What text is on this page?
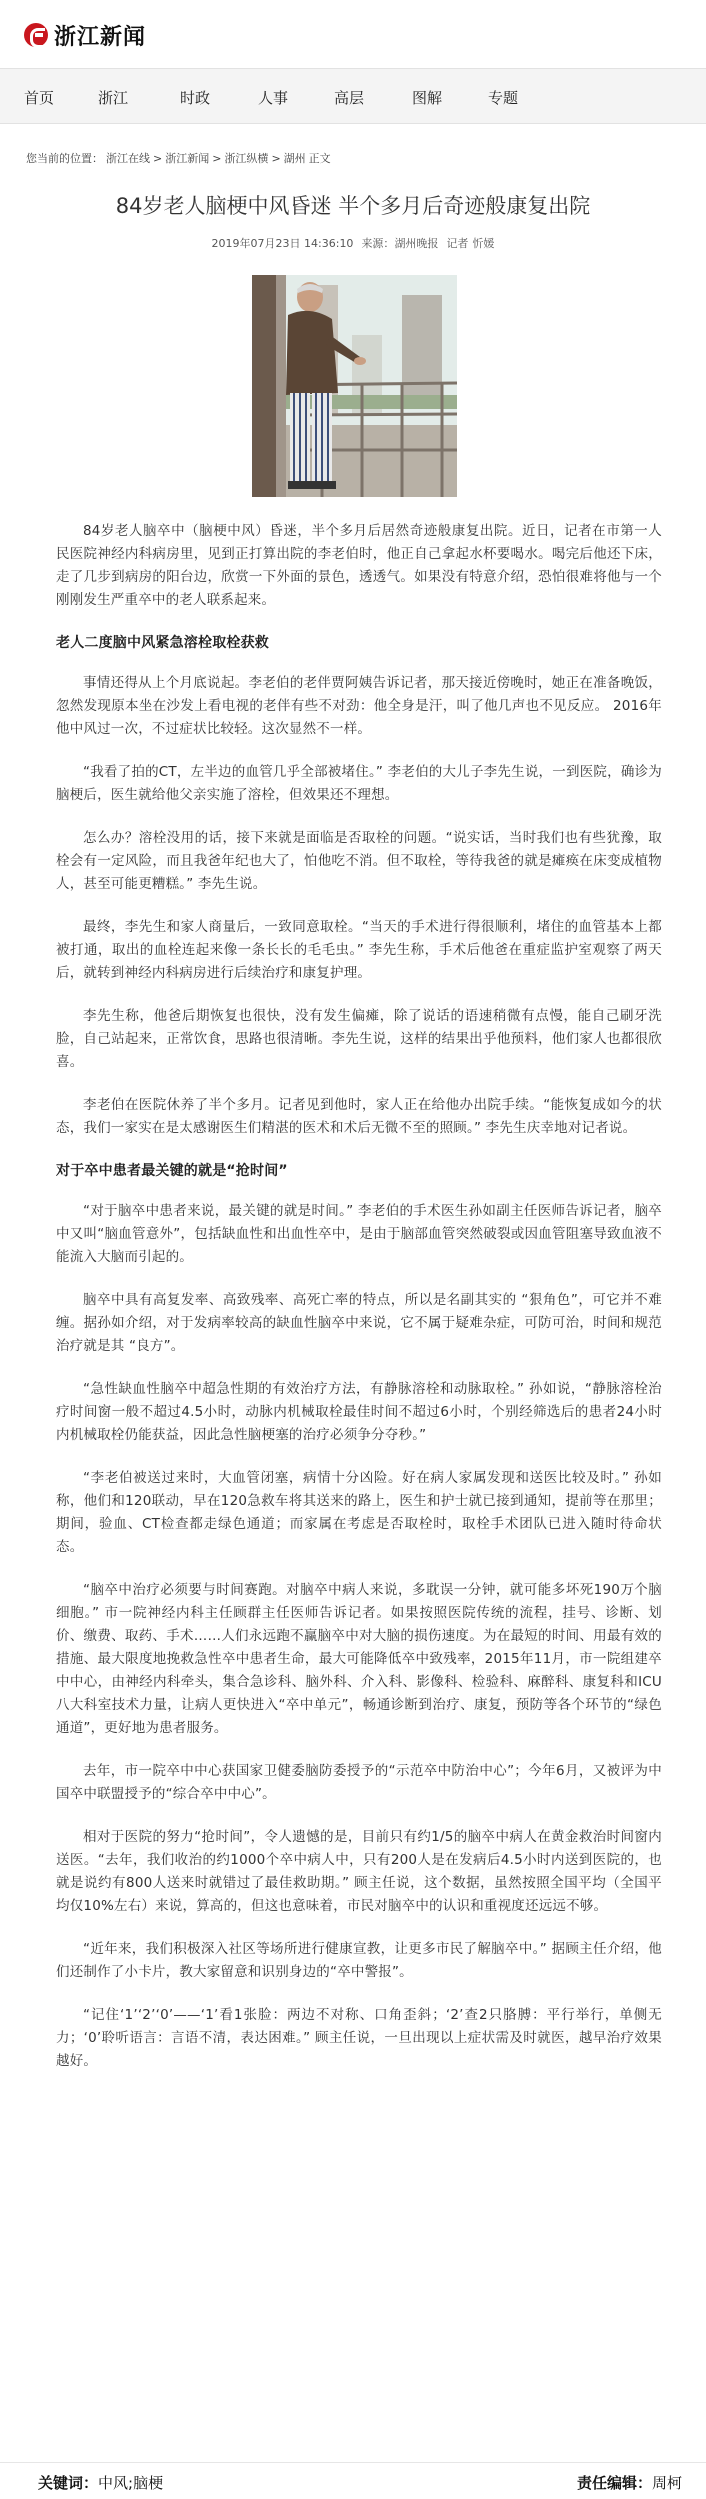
浙江新闻
首页	浙江	时政	人事	高层	图解	专题
您当前的位置： 浙江在线 > 浙江新闻 > 浙江纵横 > 湖州 正文
84岁老人脑梗中风昏迷 半个多月后奇迹般康复出院
2019年07月23日 14:36:10 来源：湖州晚报 记者 忻媛

84岁老人脑卒中（脑梗中风）昏迷，半个多月后居然奇迹般康复出院。近日，记者在市第一人民医院神经内科病房里，见到正打算出院的李老伯时，他正自己拿起水杯要喝水。喝完后他还下床，走了几步到病房的阳台边，欣赏一下外面的景色，透透气。如果没有特意介绍，恐怕很难将他与一个刚刚发生严重卒中的老人联系起来。

老人二度脑中风紧急溶栓取栓获救

事情还得从上个月底说起。李老伯的老伴贾阿姨告诉记者，那天接近傍晚时，她正在准备晚饭，忽然发现原本坐在沙发上看电视的老伴有些不对劲：他全身是汗，叫了他几声也不见反应。 2016年他中风过一次，不过症状比较轻。这次显然不一样。

“我看了拍的CT，左半边的血管几乎全部被堵住。” 李老伯的大儿子李先生说，一到医院，确诊为脑梗后，医生就给他父亲实施了溶栓，但效果还不理想。

怎么办？溶栓没用的话，接下来就是面临是否取栓的问题。“说实话，当时我们也有些犹豫，取栓会有一定风险，而且我爸年纪也大了，怕他吃不消。但不取栓，等待我爸的就是瘫痪在床变成植物人，甚至可能更糟糕。” 李先生说。

最终，李先生和家人商量后，一致同意取栓。“当天的手术进行得很顺利，堵住的血管基本上都被打通，取出的血栓连起来像一条长长的毛毛虫。” 李先生称，手术后他爸在重症监护室观察了两天后，就转到神经内科病房进行后续治疗和康复护理。

李先生称，他爸后期恢复也很快，没有发生偏瘫，除了说话的语速稍微有点慢，能自己刷牙洗脸，自己站起来，正常饮食，思路也很清晰。李先生说，这样的结果出乎他预料，他们家人也都很欣喜。

李老伯在医院休养了半个多月。记者见到他时，家人正在给他办出院手续。“能恢复成如今的状态，我们一家实在是太感谢医生们精湛的医术和术后无微不至的照顾。” 李先生庆幸地对记者说。

对于卒中患者最关键的就是“抢时间”

“对于脑卒中患者来说，最关键的就是时间。” 李老伯的手术医生孙如副主任医师告诉记者，脑卒中又叫“脑血管意外”，包括缺血性和出血性卒中，是由于脑部血管突然破裂或因血管阻塞导致血液不能流入大脑而引起的。

脑卒中具有高复发率、高致残率、高死亡率的特点，所以是名副其实的 “狠角色”，可它并不难缠。据孙如介绍，对于发病率较高的缺血性脑卒中来说，它不属于疑难杂症，可防可治，时间和规范治疗就是其 “良方”。

“急性缺血性脑卒中超急性期的有效治疗方法，有静脉溶栓和动脉取栓。” 孙如说，“静脉溶栓治疗时间窗一般不超过4.5小时，动脉内机械取栓最佳时间不超过6小时，个别经筛选后的患者24小时内机械取栓仍能获益，因此急性脑梗塞的治疗必须争分夺秒。”

“李老伯被送过来时，大血管闭塞，病情十分凶险。好在病人家属发现和送医比较及时。” 孙如称，他们和120联动，早在120急救车将其送来的路上，医生和护士就已接到通知，提前等在那里；期间，验血、CT检查都走绿色通道；而家属在考虑是否取栓时，取栓手术团队已进入随时待命状态。

“脑卒中治疗必须要与时间赛跑。对脑卒中病人来说，多耽误一分钟，就可能多坏死190万个脑细胞。” 市一院神经内科主任顾群主任医师告诉记者。如果按照医院传统的流程，挂号、诊断、划价、缴费、取药、手术……人们永远跑不赢脑卒中对大脑的损伤速度。为在最短的时间、用最有效的措施、最大限度地挽救急性卒中患者生命，最大可能降低卒中致残率，2015年11月，市一院组建卒中中心，由神经内科牵头，集合急诊科、脑外科、介入科、影像科、检验科、麻醉科、康复科和ICU八大科室技术力量，让病人更快进入“卒中单元”，畅通诊断到治疗、康复，预防等各个环节的“绿色通道”，更好地为患者服务。

去年，市一院卒中中心获国家卫健委脑防委授予的“示范卒中防治中心”；今年6月，又被评为中国卒中联盟授予的“综合卒中中心”。

相对于医院的努力“抢时间”，令人遗憾的是，目前只有约1/5的脑卒中病人在黄金救治时间窗内送医。“去年，我们收治的约1000个卒中病人中，只有200人是在发病后4.5小时内送到医院的，也就是说约有800人送来时就错过了最佳救助期。” 顾主任说，这个数据，虽然按照全国平均（全国平均仅10%左右）来说，算高的，但这也意味着，市民对脑卒中的认识和重视度还远远不够。

“近年来，我们积极深入社区等场所进行健康宣教，让更多市民了解脑卒中。” 据顾主任介绍，他们还制作了小卡片，教大家留意和识别身边的“卒中警报”。

“记住‘1’‘2’‘0’——‘1’看1张脸：两边不对称、口角歪斜；‘2’查2只胳膊：平行举行，单侧无力；‘0’聆听语言：言语不清，表达困难。” 顾主任说，一旦出现以上症状需及时就医，越早治疗效果越好。

关键词：中风;脑梗	责任编辑：周柯
